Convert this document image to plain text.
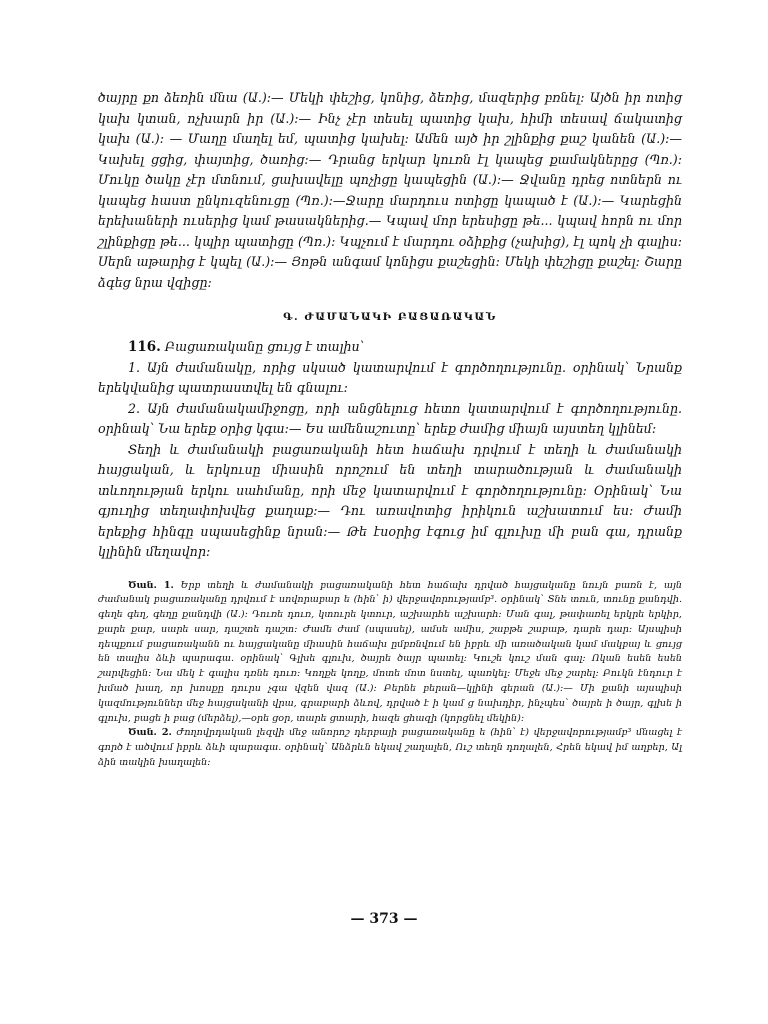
ծայրը քո ձեռին մնա (Ա.)։— Մեկի փեշից, կոնից, ձեռից, մազերից բռնել։ Այծն իր ոտից կախ կտան, ոչխարն իր (Ա.)։— Ինչ չէր տեսել պատից կախ, հիմի տեսավ ճակատից կախ (Ա.)։ — Մաղը մաղել եմ, պատից կախել։ Ամեն այծ իր շլինքից քաշ կանեն (Ա.)։— Կախել ցցից, փայտից, ծառից։— Դրանց երկար կուռն էլ կապեց քամակներըց (Պռ.)։ Մուկը ծակը չէր մտնում, ցախավելը պոչիցը կապեցին (Ա.)։— Ջվանը դրեց ոտներն ու կապեց հաստ ընկուզենուցը (Պռ.)։—Ջարը մարդուս ոտիցը կապած է (Ա.)։— Կարեցին երեխաների ուսերից կամ թասակներից.— Կպավ մոր երեսիցը թե... կպավ հորն ու մոր շլինքիցը թե... կպիր պատիցը (Պռ.)։ Կպչում է մարդու օձիքից (չախից), էլ պոկ չի գալիս։ Սերն աթարից է կպել (Ա.)։— Յոթն անգամ կոնիցս քաշեցին։ Մեկի փեշիցը քաշել։ Շարը ձգեց նրա վզիցը։

Գ. ԺԱՄԱՆԱԿԻ ԲԱՑԱՌԱԿԱՆ

116. Բացառականը ցույց է տալիս՝

1. Այն ժամանակը, որից սկսած կատարվում է գործողությունը. օրինակ՝ Նրանք երեկվանից պատրաստվել են գնալու։

2. Այն ժամանակամիջոցը, որի անցնելուց հետո կատարվում է գործողությունը. օրինակ՝ Նա երեք օրից կգա։— Ես ամենաշուտը՝ երեք ժամից միայն այստեղ կլինեմ։

Տեղի և ժամանակի բացառականի հետ հաճախ դրվում է տեղի և ժամանակի հայցական, և երկուսը միասին որոշում են տեղի տարածության և ժամանակի տևողության երկու սահմանը, որի մեջ կատարվում է գործողությունը։ Օրինակ՝ Նա գյուղից տեղափոխվեց քաղաք։— Դու առավոտից իրիկուն աշխատում ես։ Ժամի երեքից հինգը սպասեցինք նրան։— Թե էսօրից էգուց իմ գլուխը մի բան գա, դրանք կլինին մեղավոր։

Ծան. 1. Երբ տեղի և ժամանակի բացառականի հետ հաճախ դրված հայցականը նույն բառն է, այն ժամանակ բացառականը դրվում է սովորաբար ե (հին՝ ի) վերջավորությամբ³. օրինակ՝ Տնե տուն, տունը քանդվի. գեղե գեղ, գեղը քանդվի (Ա.)։ Դուռե դուռ, կտուրե կտուր, աշխարհե աշխարհ։ Ման գալ, թափառել երկրե երկիր, քարե քար, սարե սար, դաշտե դաշտ։ Ժամե ժամ (սպասել), ամսե ամիս, շաբթե շաբաթ, դարե դար։ Այսպիսի դեպքում բացառականն ու հայցականը միասին հաճախ ըմբռնվում են իբրև մի առածական կամ մակբայ և ցույց են տալիս ձևի պարագա. օրինակ՝ Գլխե գլուխ, ծայրե ծայր պատել։ Կուշե կուշ ման գալ։ Ոկան եսեն եսեն շարվեցին։ Նա մեկ է գալիս դռնե դուռ։ Կողքե կողք, մոտե մոտ նստել, պառկել։ Մեջե մեջ շարել։ Բուկն էնդուր է խմած խաղ, որ խոսքը դուրս չգա վզեն վազ (Ա.)։ Բերնե բերան—կլինի գերան (Ա.)։— Մի քանի այսպիսի կազմություններ մեջ հայցականի վրա, գրաբարի ձևով, դրված է ի կամ ց նախդիր, ինչպես՝ ծայրե ի ծայր, գլխե ի գլուխ, բացե ի բաց (մերձել),—օրե ցօր, տարե ցտարի, հազե ցհազի (կորցնել մեկին)։

Ծան. 2. Ժողովրդական լեզվի մեջ անորոշ դերբայի բացառականը ե (հին՝ է) վերջավորությամբ³ մնացել է գործ է ածվում իբրև ձևի պարագա. օրինակ՝ Անձրևն եկավ շաղալեն, Ուշ տեղն դողալեն, Հրեն եկավ իմ աղբեր, Ալ ձին տակին խաղալեն։

— 373 —
